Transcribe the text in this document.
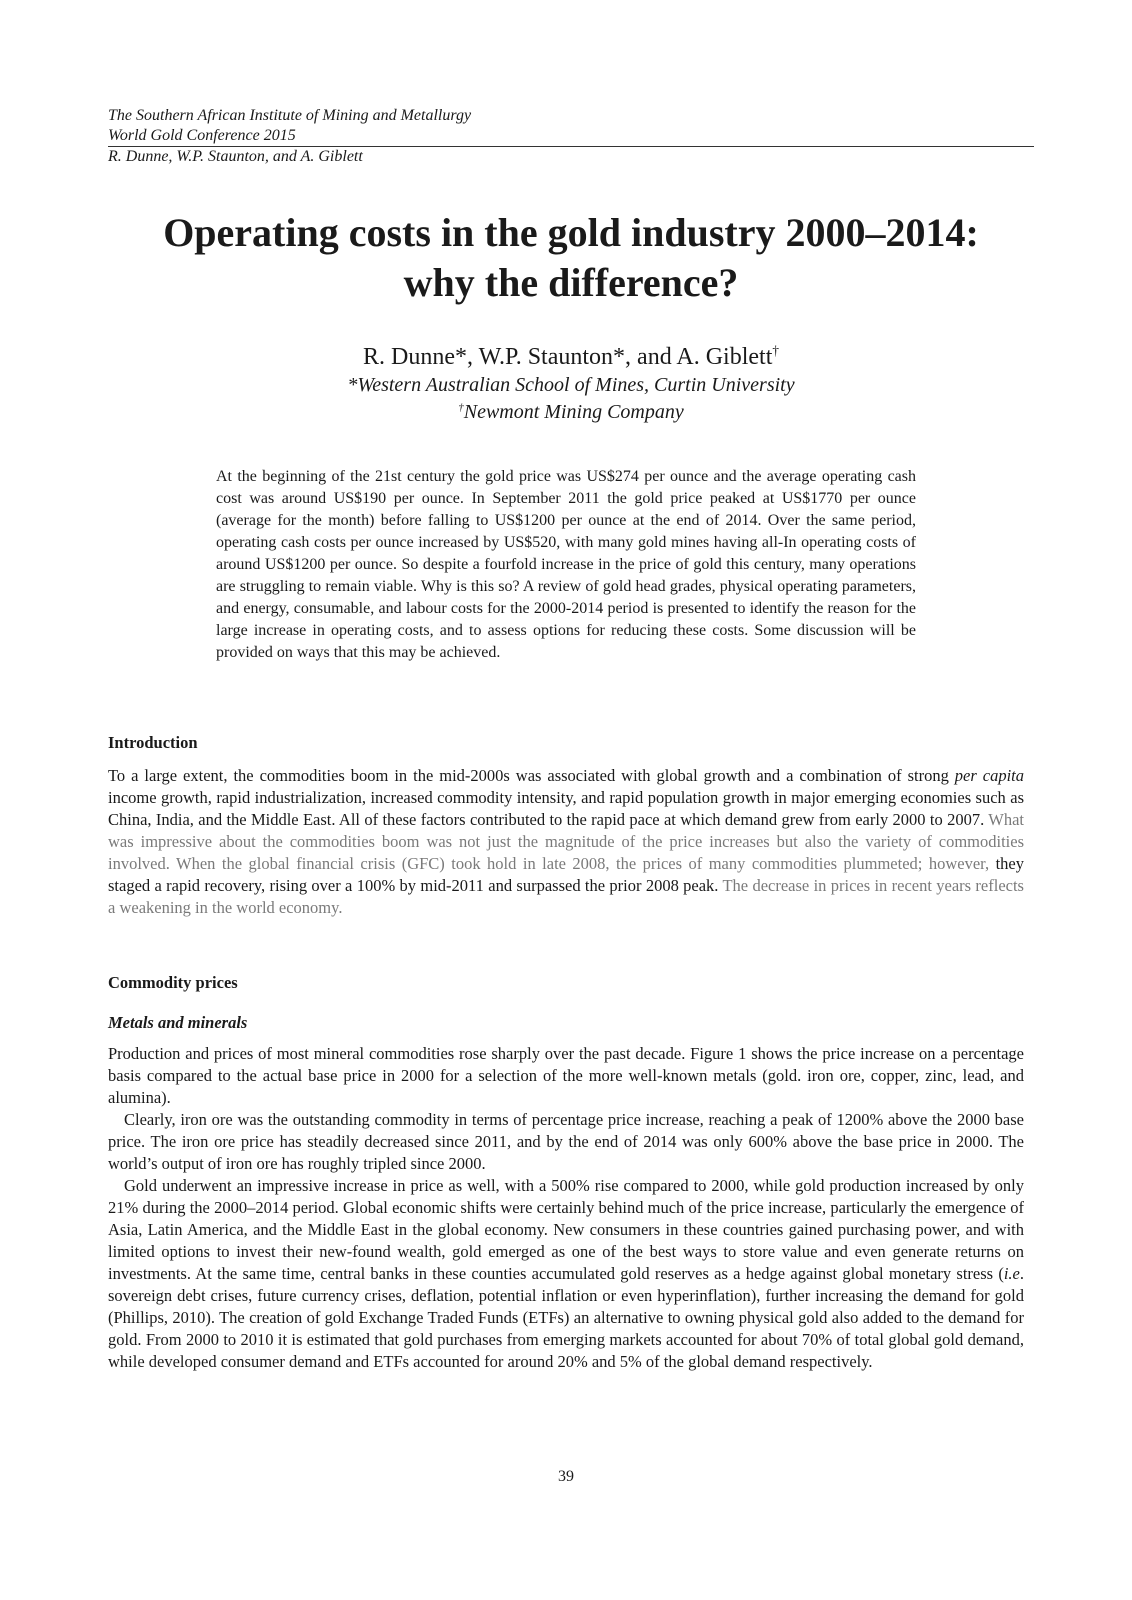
The Southern African Institute of Mining and Metallurgy
World Gold Conference 2015
R. Dunne, W.P. Staunton, and A. Giblett
Operating costs in the gold industry 2000–2014:
why the difference?
R. Dunne*, W.P. Staunton*, and A. Giblett†
*Western Australian School of Mines, Curtin University
†Newmont Mining Company

At the beginning of the 21st century the gold price was US$274 per ounce and the average operating cash cost was around US$190 per ounce. In September 2011 the gold price peaked at US$1770 per ounce (average for the month) before falling to US$1200 per ounce at the end of 2014. Over the same period, operating cash costs per ounce increased by US$520, with many gold mines having all-In operating costs of around US$1200 per ounce. So despite a fourfold increase in the price of gold this century, many operations are struggling to remain viable. Why is this so? A review of gold head grades, physical operating parameters, and energy, consumable, and labour costs for the 2000-2014 period is presented to identify the reason for the large increase in operating costs, and to assess options for reducing these costs. Some discussion will be provided on ways that this may be achieved.

Introduction

To a large extent, the commodities boom in the mid-2000s was associated with global growth and a combination of strong per capita income growth, rapid industrialization, increased commodity intensity, and rapid population growth in major emerging economies such as China, India, and the Middle East. All of these factors contributed to the rapid pace at which demand grew from early 2000 to 2007. What was impressive about the commodities boom was not just the magnitude of the price increases but also the variety of commodities involved. When the global financial crisis (GFC) took hold in late 2008, the prices of many commodities plummeted; however, they staged a rapid recovery, rising over a 100% by mid-2011 and surpassed the prior 2008 peak. The decrease in prices in recent years reflects a weakening in the world economy.

Commodity prices
Metals and minerals

Production and prices of most mineral commodities rose sharply over the past decade. Figure 1 shows the price increase on a percentage basis compared to the actual base price in 2000 for a selection of the more well-known metals (gold. iron ore, copper, zinc, lead, and alumina).

Clearly, iron ore was the outstanding commodity in terms of percentage price increase, reaching a peak of 1200% above the 2000 base price. The iron ore price has steadily decreased since 2011, and by the end of 2014 was only 600% above the base price in 2000. The world’s output of iron ore has roughly tripled since 2000.

Gold underwent an impressive increase in price as well, with a 500% rise compared to 2000, while gold production increased by only 21% during the 2000–2014 period. Global economic shifts were certainly behind much of the price increase, particularly the emergence of Asia, Latin America, and the Middle East in the global economy. New consumers in these countries gained purchasing power, and with limited options to invest their new-found wealth, gold emerged as one of the best ways to store value and even generate returns on investments. At the same time, central banks in these counties accumulated gold reserves as a hedge against global monetary stress (i.e. sovereign debt crises, future currency crises, deflation, potential inflation or even hyperinflation), further increasing the demand for gold (Phillips, 2010). The creation of gold Exchange Traded Funds (ETFs) an alternative to owning physical gold also added to the demand for gold. From 2000 to 2010 it is estimated that gold purchases from emerging markets accounted for about 70% of total global gold demand, while developed consumer demand and ETFs accounted for around 20% and 5% of the global demand respectively.

39
